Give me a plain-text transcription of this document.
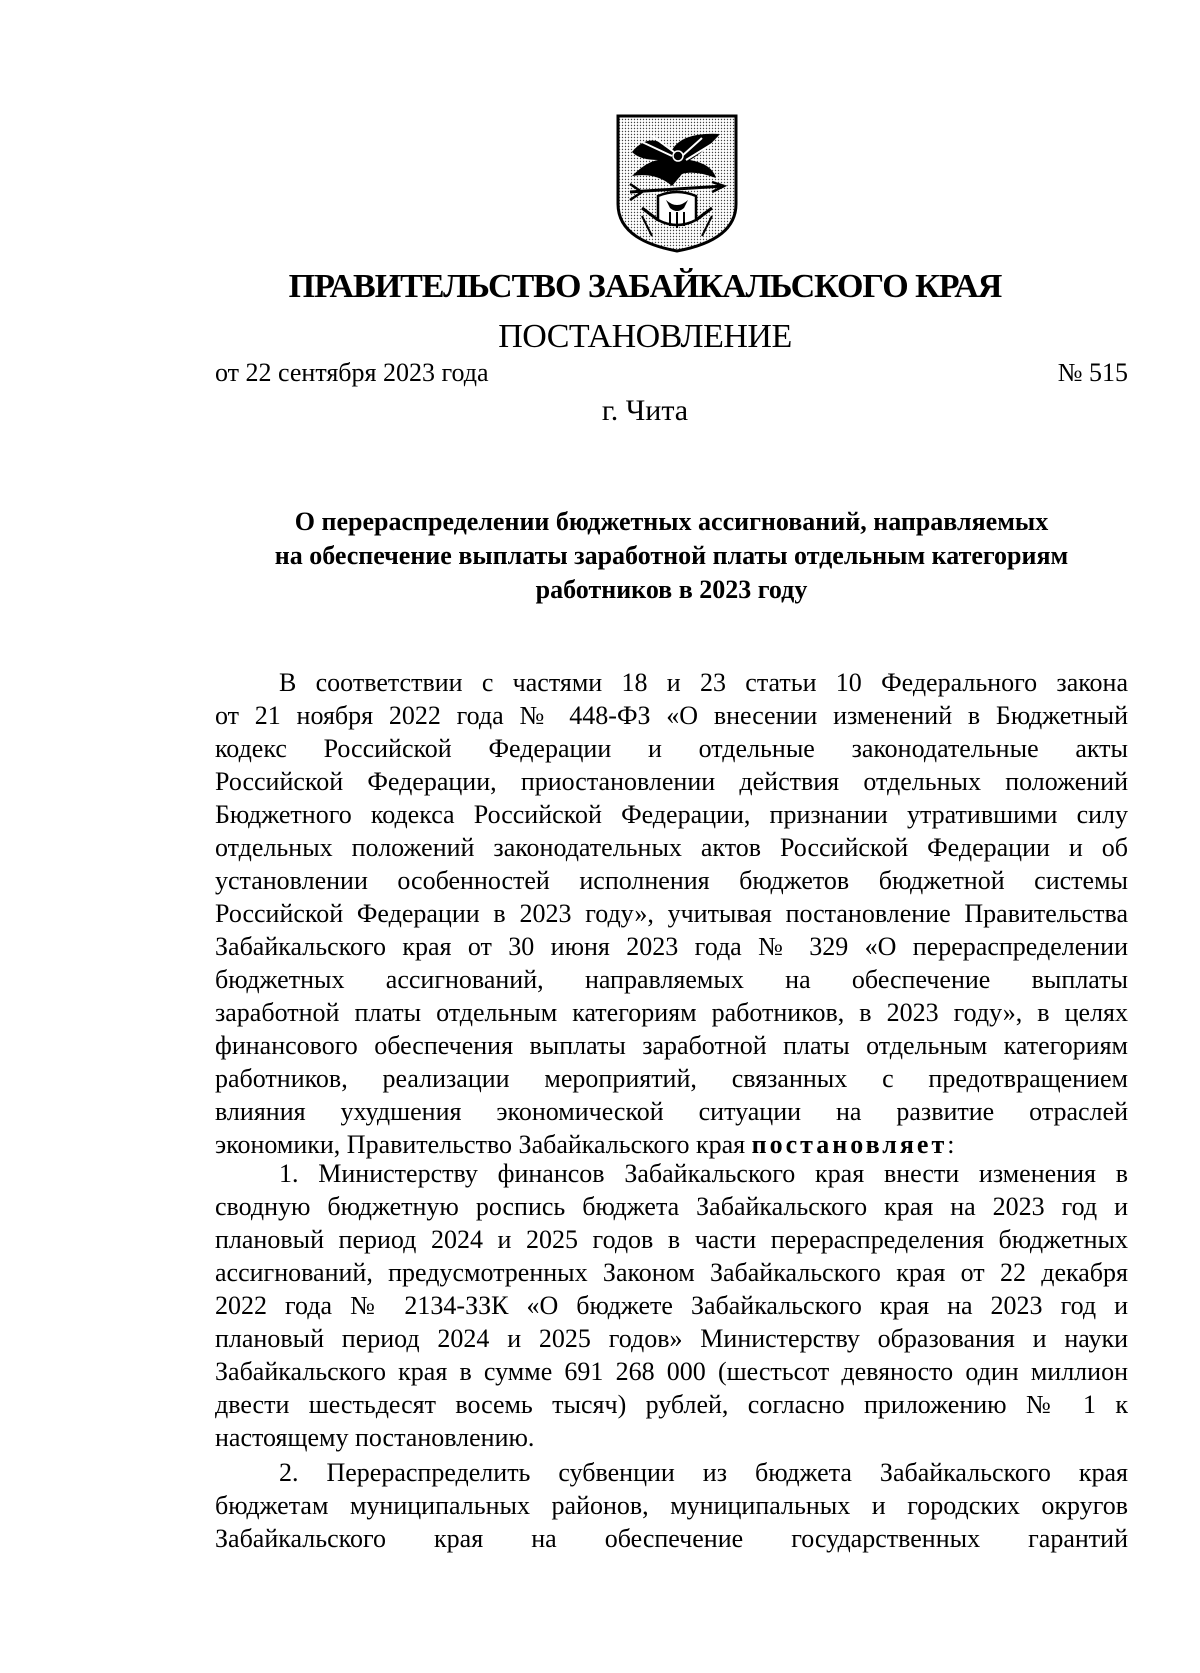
ПРАВИТЕЛЬСТВО ЗАБАЙКАЛЬСКОГО КРАЯ
ПОСТАНОВЛЕНИЕ
от 22 сентября 2023 года	№ 515
г. Чита
О перераспределении бюджетных ассигнований, направляемых
на обеспечение выплаты заработной платы отдельным категориям
работников в 2023 году
В соответствии с частями 18 и 23 статьи 10 Федерального закона
от 21 ноября 2022 года № 448-ФЗ «О внесении изменений в Бюджетный
кодекс Российской Федерации и отдельные законодательные акты
Российской Федерации, приостановлении действия отдельных положений
Бюджетного кодекса Российской Федерации, признании утратившими силу
отдельных положений законодательных актов Российской Федерации и об
установлении особенностей исполнения бюджетов бюджетной системы
Российской Федерации в 2023 году», учитывая постановление Правительства
Забайкальского края от 30 июня 2023 года № 329 «О перераспределении
бюджетных ассигнований, направляемых на обеспечение выплаты
заработной платы отдельным категориям работников, в 2023 году», в целях
финансового обеспечения выплаты заработной платы отдельным категориям
работников, реализации мероприятий, связанных с предотвращением
влияния ухудшения экономической ситуации на развитие отраслей
экономики, Правительство Забайкальского края постановляет:
1. Министерству финансов Забайкальского края внести изменения в
сводную бюджетную роспись бюджета Забайкальского края на 2023 год и
плановый период 2024 и 2025 годов в части перераспределения бюджетных
ассигнований, предусмотренных Законом Забайкальского края от 22 декабря
2022 года № 2134-ЗЗК «О бюджете Забайкальского края на 2023 год и
плановый период 2024 и 2025 годов» Министерству образования и науки
Забайкальского края в сумме 691 268 000 (шестьсот девяносто один миллион
двести шестьдесят восемь тысяч) рублей, согласно приложению № 1 к
настоящему постановлению.
2. Перераспределить субвенции из бюджета Забайкальского края
бюджетам муниципальных районов, муниципальных и городских округов
Забайкальского края на обеспечение государственных гарантий
